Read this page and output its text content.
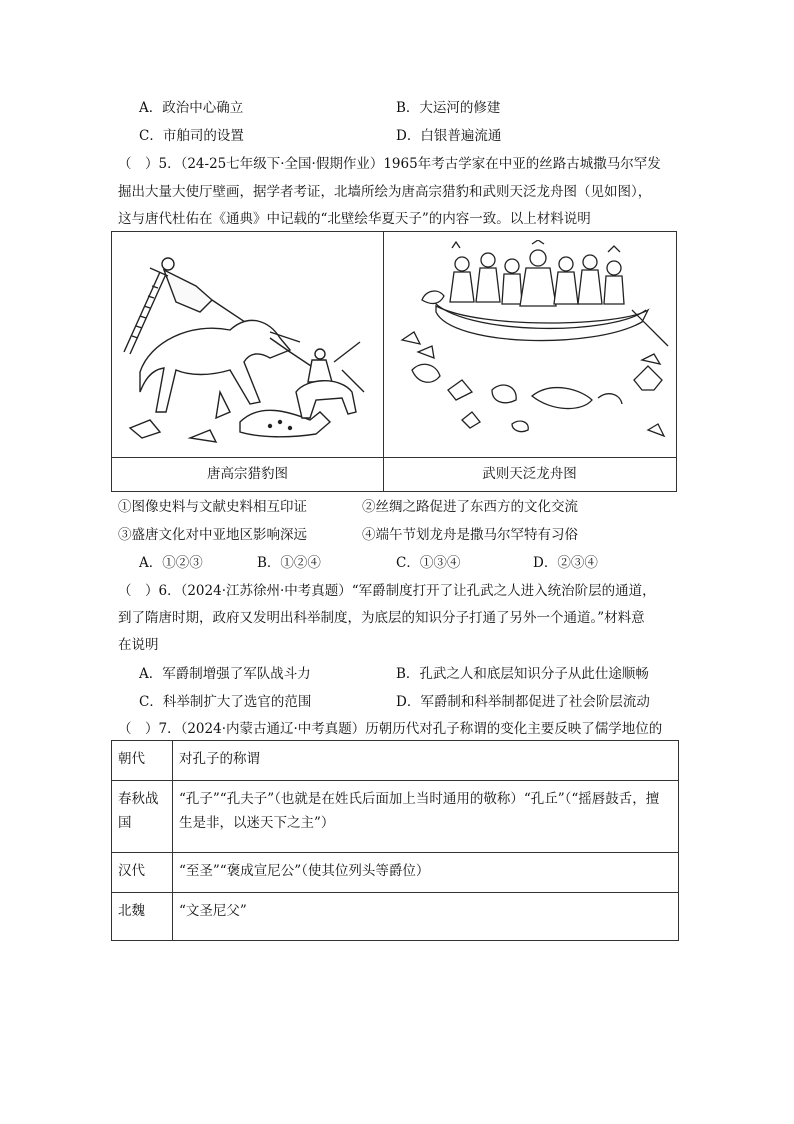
A．政治中心确立	B．大运河的修建
C．市舶司的设置	D．白银普遍流通
（　）5．（24-25七年级下·全国·假期作业）1965年考古学家在中亚的丝路古城撒马尔罕发
掘出大量大使厅壁画，据学者考证，北墙所绘为唐高宗猎豹和武则天泛龙舟图（见如图），
这与唐代杜佑在《通典》中记载的“北壁绘华夏天子”的内容一致。以上材料说明
唐高宗猎豹图	武则天泛龙舟图
①图像史料与文献史料相互印证	②丝绸之路促进了东西方的文化交流
③盛唐文化对中亚地区影响深远	④端午节划龙舟是撒马尔罕特有习俗
A．①②③	B．①②④	C．①③④	D．②③④
（　）6．（2024·江苏徐州·中考真题）“军爵制度打开了让孔武之人进入统治阶层的通道，
到了隋唐时期，政府又发明出科举制度，为底层的知识分子打通了另外一个通道。”材料意
在说明
A．军爵制增强了军队战斗力	B．孔武之人和底层知识分子从此仕途顺畅
C．科举制扩大了选官的范围	D．军爵制和科举制都促进了社会阶层流动
（　）7．（2024·内蒙古通辽·中考真题）历朝历代对孔子称谓的变化主要反映了儒学地位的
朝代	对孔子的称谓
春秋战国	“孔子”“孔夫子”（也就是在姓氏后面加上当时通用的敬称）“孔丘”（“摇唇鼓舌，擅生是非，以迷天下之主”）
汉代	“至圣”“褒成宣尼公”（使其位列头等爵位）
北魏	“文圣尼父”
